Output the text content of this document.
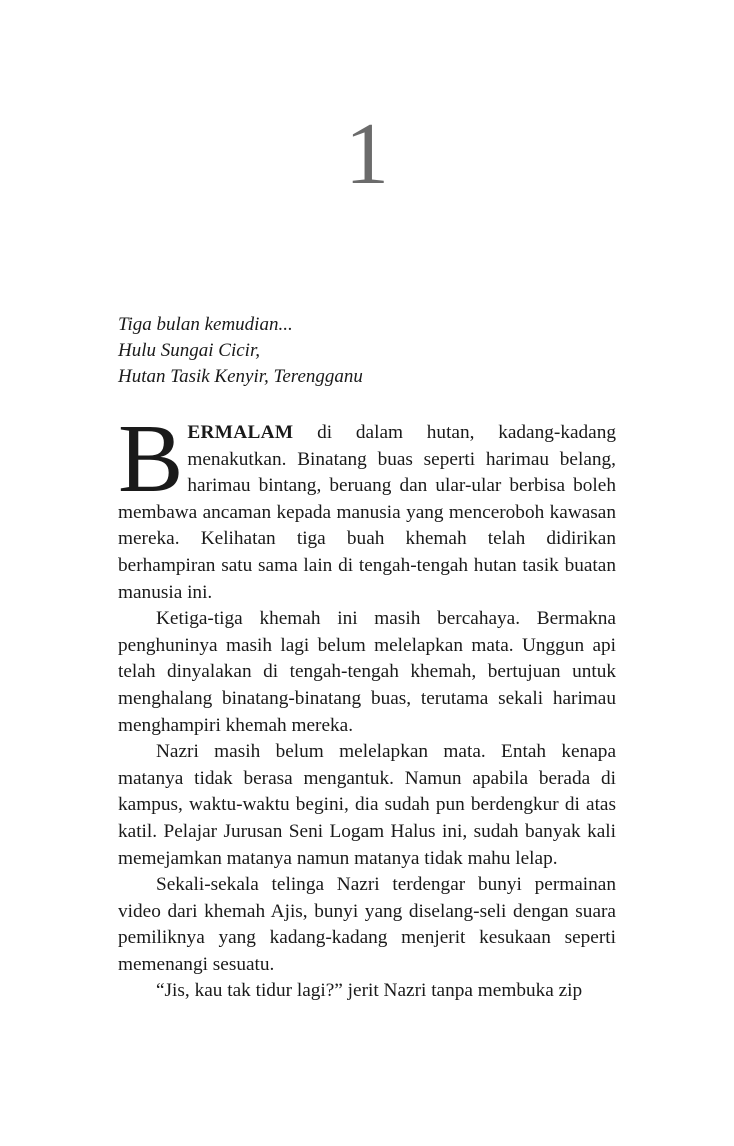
1
Tiga bulan kemudian...
Hulu Sungai Cicir,
Hutan Tasik Kenyir, Terengganu

BERMALAM di dalam hutan, kadang-kadang menakutkan. Binatang buas seperti harimau belang, harimau bintang, beruang dan ular-ular berbisa boleh membawa ancaman kepada manusia yang menceroboh kawasan mereka. Kelihatan tiga buah khemah telah didirikan berhampiran satu sama lain di tengah-tengah hutan tasik buatan manusia ini.

Ketiga-tiga khemah ini masih bercahaya. Bermakna penghuninya masih lagi belum melelapkan mata. Unggun api telah dinyalakan di tengah-tengah khemah, bertujuan untuk menghalang binatang-binatang buas, terutama sekali harimau menghampiri khemah mereka.

Nazri masih belum melelapkan mata. Entah kenapa matanya tidak berasa mengantuk. Namun apabila berada di kampus, waktu-waktu begini, dia sudah pun berdengkur di atas katil. Pelajar Jurusan Seni Logam Halus ini, sudah banyak kali memejamkan matanya namun matanya tidak mahu lelap.

Sekali-sekala telinga Nazri terdengar bunyi permainan video dari khemah Ajis, bunyi yang diselang-seli dengan suara pemiliknya yang kadang-kadang menjerit kesukaan seperti memenangi sesuatu.

“Jis, kau tak tidur lagi?” jerit Nazri tanpa membuka zip
